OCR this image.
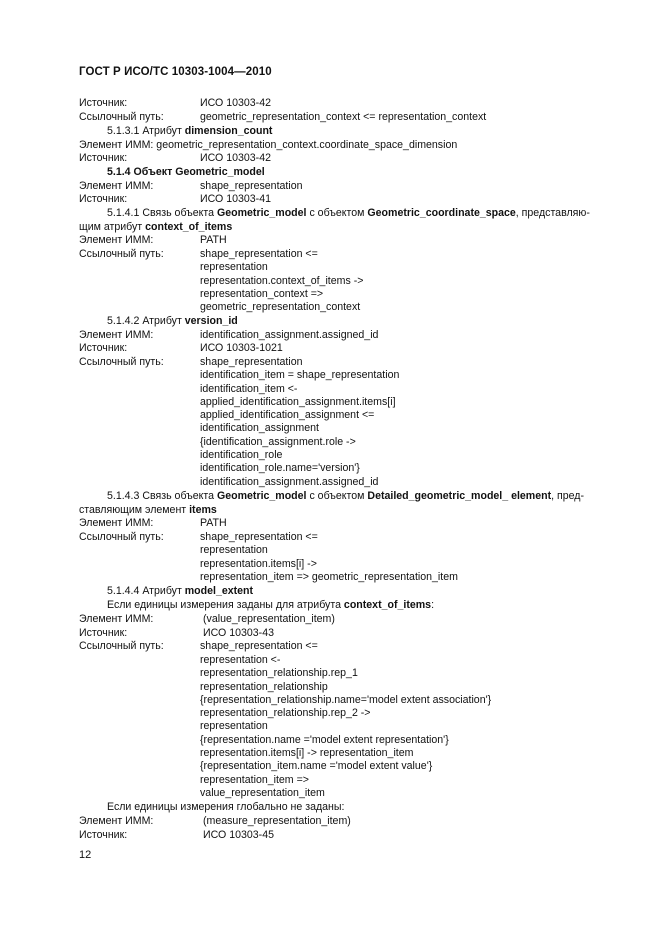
ГОСТ Р ИСО/ТС 10303-1004—2010
Источник:	ИСО 10303-42
Ссылочный путь:	geometric_representation_context <= representation_context
5.1.3.1 Атрибут dimension_count
Элемент ИММ: geometric_representation_context.coordinate_space_dimension
Источник:	ИСО 10303-42
5.1.4 Объект Geometric_model
Элемент ИММ:	shape_representation
Источник:	ИСО 10303-41
5.1.4.1 Связь объекта Geometric_model с объектом Geometric_coordinate_space, представляю-
щим атрибут context_of_items
Элемент ИММ:	PATH
Ссылочный путь:	shape_representation <=
representation
representation.context_of_items ->
representation_context =>
geometric_representation_context
5.1.4.2 Атрибут version_id
Элемент ИММ:	identification_assignment.assigned_id
Источник:	ИСО 10303-1021
Ссылочный путь:	shape_representation
identification_item = shape_representation
identification_item <-
applied_identification_assignment.items[i]
applied_identification_assignment <=
identification_assignment
{identification_assignment.role ->
identification_role
identification_role.name='version'}
identification_assignment.assigned_id
5.1.4.3 Связь объекта Geometric_model с объектом Detailed_geometric_model_ element, пред-
ставляющим элемент items
Элемент ИММ:	PATH
Ссылочный путь:	shape_representation <=
representation
representation.items[i] ->
representation_item => geometric_representation_item
5.1.4.4 Атрибут model_extent
Если единицы измерения заданы для атрибута context_of_items:
Элемент ИММ:	(value_representation_item)
Источник:	ИСО 10303-43
Ссылочный путь:	shape_representation <=
representation <-
representation_relationship.rep_1
representation_relationship
{representation_relationship.name='model extent association'}
representation_relationship.rep_2 ->
representation
{representation.name ='model extent representation'}
representation.items[i] -> representation_item
{representation_item.name ='model extent value'}
representation_item =>
value_representation_item
Если единицы измерения глобально не заданы:
Элемент ИММ:	(measure_representation_item)
Источник:	ИСО 10303-45
12
